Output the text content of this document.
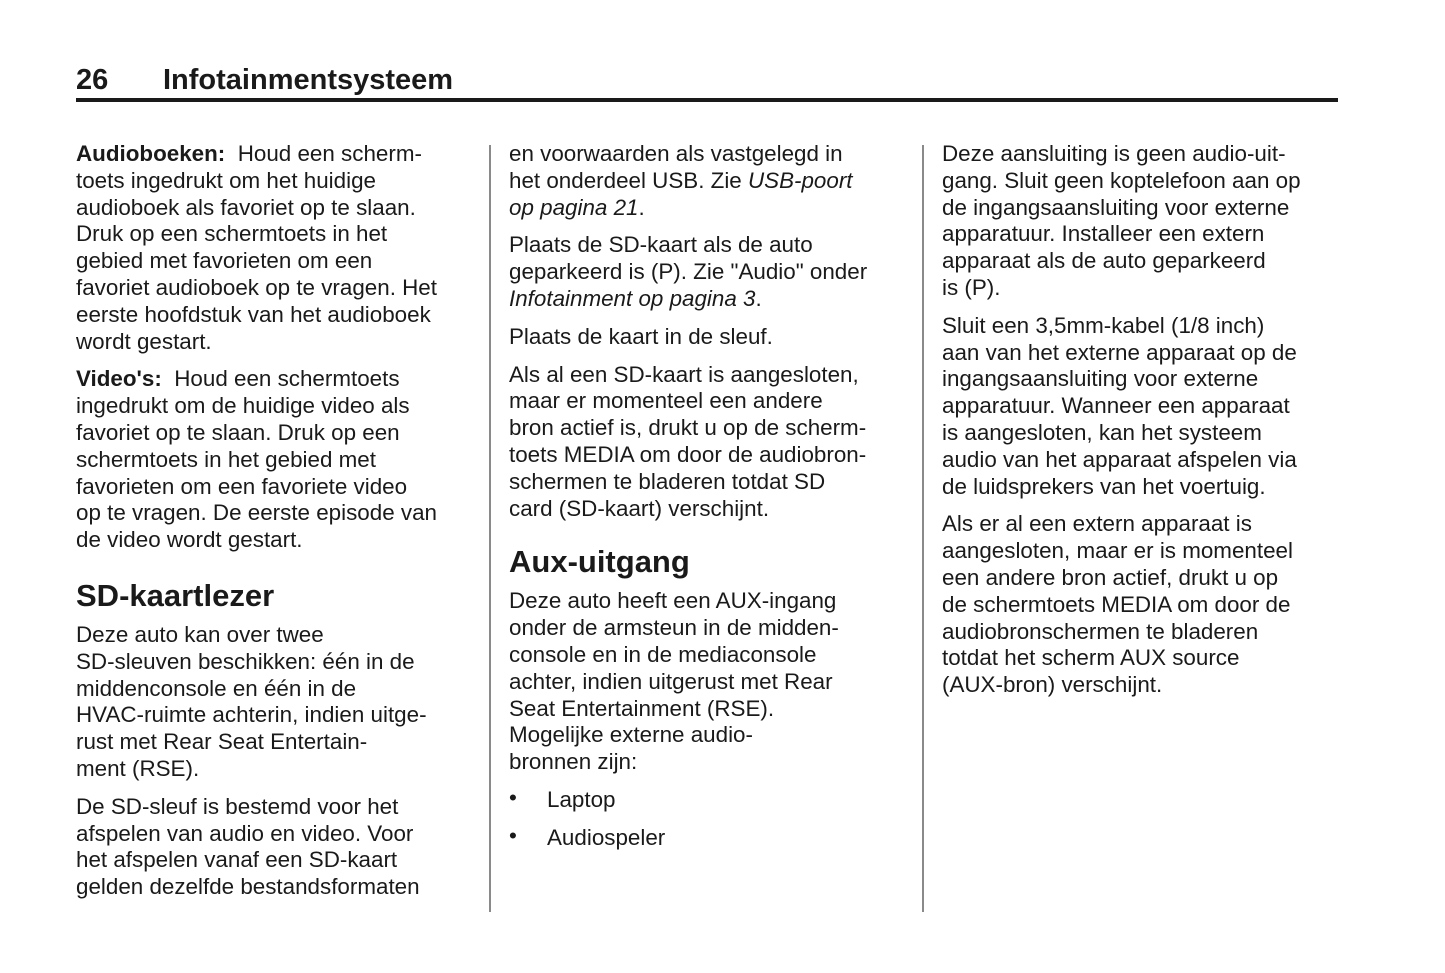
26 Infotainmentsysteem

Audioboeken: Houd een scherm-
toets ingedrukt om het huidige
audioboek als favoriet op te slaan.
Druk op een schermtoets in het
gebied met favorieten om een
favoriet audioboek op te vragen. Het
eerste hoofdstuk van het audioboek
wordt gestart.

Video's: Houd een schermtoets
ingedrukt om de huidige video als
favoriet op te slaan. Druk op een
schermtoets in het gebied met
favorieten om een favoriete video
op te vragen. De eerste episode van
de video wordt gestart.

SD-kaartlezer

Deze auto kan over twee
SD-sleuven beschikken: één in de
middenconsole en één in de
HVAC-ruimte achterin, indien uitge-
rust met Rear Seat Entertain-
ment (RSE).

De SD-sleuf is bestemd voor het
afspelen van audio en video. Voor
het afspelen vanaf een SD-kaart
gelden dezelfde bestandsformaten

en voorwaarden als vastgelegd in
het onderdeel USB. Zie USB-poort
op pagina 21.

Plaats de SD-kaart als de auto
geparkeerd is (P). Zie "Audio" onder
Infotainment op pagina 3.

Plaats de kaart in de sleuf.

Als al een SD-kaart is aangesloten,
maar er momenteel een andere
bron actief is, drukt u op de scherm-
toets MEDIA om door de audiobron-
schermen te bladeren totdat SD
card (SD-kaart) verschijnt.

Aux-uitgang

Deze auto heeft een AUX-ingang
onder de armsteun in de midden-
console en in de mediaconsole
achter, indien uitgerust met Rear
Seat Entertainment (RSE).
Mogelijke externe audio-
bronnen zijn:

• Laptop
• Audiospeler

Deze aansluiting is geen audio-uit-
gang. Sluit geen koptelefoon aan op
de ingangsaansluiting voor externe
apparatuur. Installeer een extern
apparaat als de auto geparkeerd
is (P).

Sluit een 3,5mm-kabel (1/8 inch)
aan van het externe apparaat op de
ingangsaansluiting voor externe
apparatuur. Wanneer een apparaat
is aangesloten, kan het systeem
audio van het apparaat afspelen via
de luidsprekers van het voertuig.

Als er al een extern apparaat is
aangesloten, maar er is momenteel
een andere bron actief, drukt u op
de schermtoets MEDIA om door de
audiobronschermen te bladeren
totdat het scherm AUX source
(AUX-bron) verschijnt.
